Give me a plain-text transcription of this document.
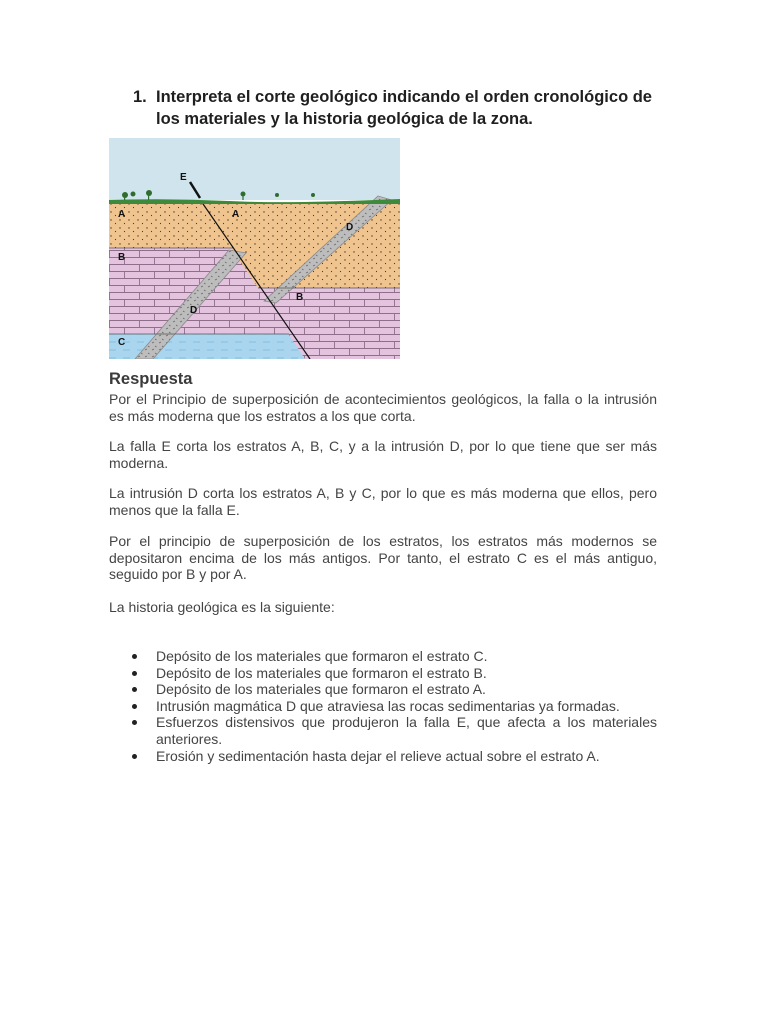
1. Interpreta el corte geológico indicando el orden cronológico de los materiales y la historia geológica de la zona.
E
A	A
D
B
B
D
C
Respuesta

Por el Principio de superposición de acontecimientos geológicos, la falla o la intrusión es más moderna que los estratos a los que corta.

La falla E corta los estratos A, B, C, y a la intrusión D, por lo que tiene que ser más moderna.

La intrusión D corta los estratos A, B y C, por lo que es más moderna que ellos, pero menos que la falla E.

Por el principio de superposición de los estratos, los estratos más modernos se depositaron encima de los más antigos. Por tanto, el estrato C es el más antiguo, seguido por B y por A.

La historia geológica es la siguiente:

Depósito de los materiales que formaron el estrato C.
Depósito de los materiales que formaron el estrato B.
Depósito de los materiales que formaron el estrato A.
Intrusión magmática D que atraviesa las rocas sedimentarias ya formadas.
Esfuerzos distensivos que produjeron la falla E, que afecta a los materiales anteriores.
Erosión y sedimentación hasta dejar el relieve actual sobre el estrato A.
